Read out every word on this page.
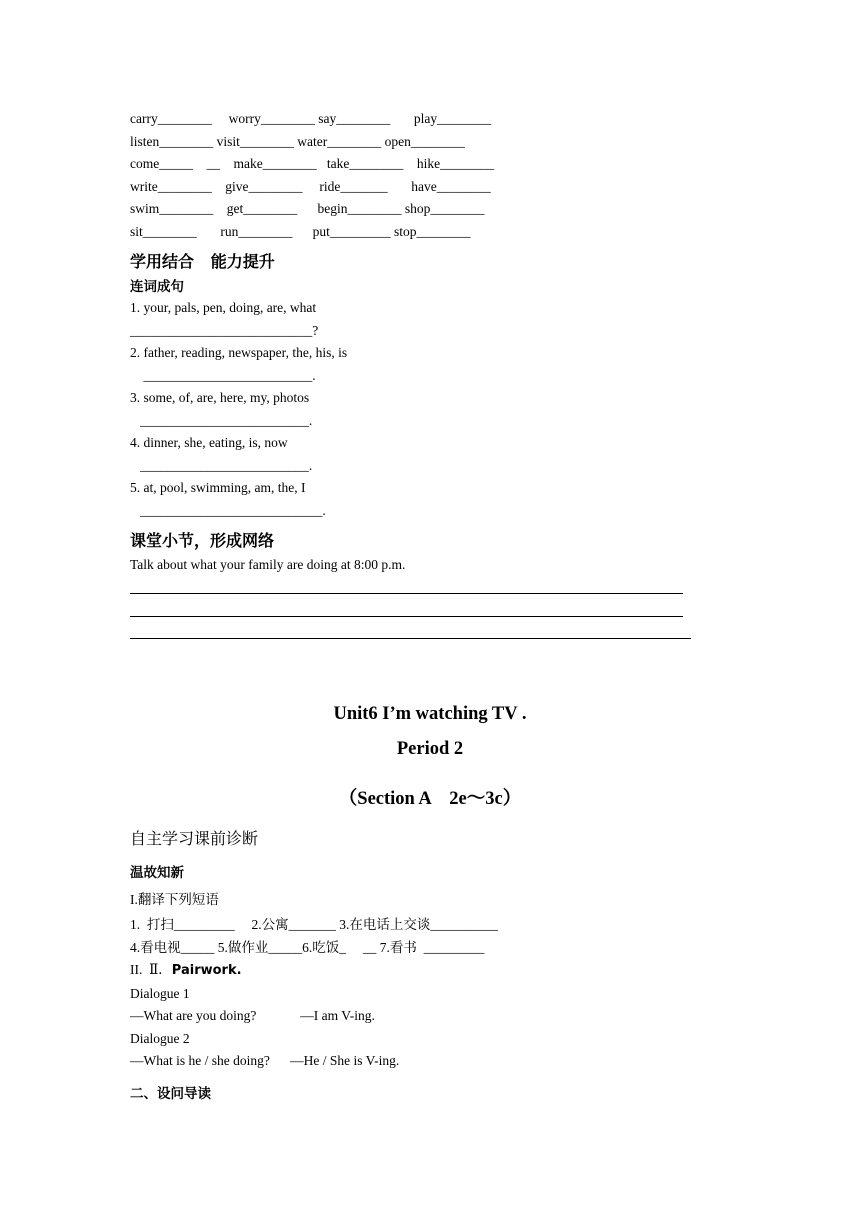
carry________     worry________ say________       play________
listen________ visit________ water________ open________
come_____    __    make________   take________    hike________
write________    give________     ride_______       have________
swim________    get________      begin________ shop________
sit________       run________      put_________ stop________
学用结合   能力提升
连词成句
1. your, pals, pen, doing, are, what
___________________________?
2. father, reading, newspaper, the, his, is
_________________________.
3. some, of, are, here, my, photos
_________________________.
4. dinner, she, eating, is, now
_________________________.
5. at, pool, swimming, am, the, I
___________________________.
课堂小节，形成网络
Talk about what your family are doing at 8:00 p.m.
Unit6 I’m watching TV .
Period 2
（Section A    2e～3c）
自主学习课前诊断
温故知新
I.翻译下列短语
1.  打扫_________     2.公寓_______ 3.在电话上交谈__________
4.看电视_____ 5.做作业_____6.吃饭_     __ 7.看书  _________
II.  Ⅱ．Pairwork.
Dialogue 1
—What are you doing?             —I am V-ing.
Dialogue 2
—What is he / she doing?      —He / She is V-ing.
二、设问导读
